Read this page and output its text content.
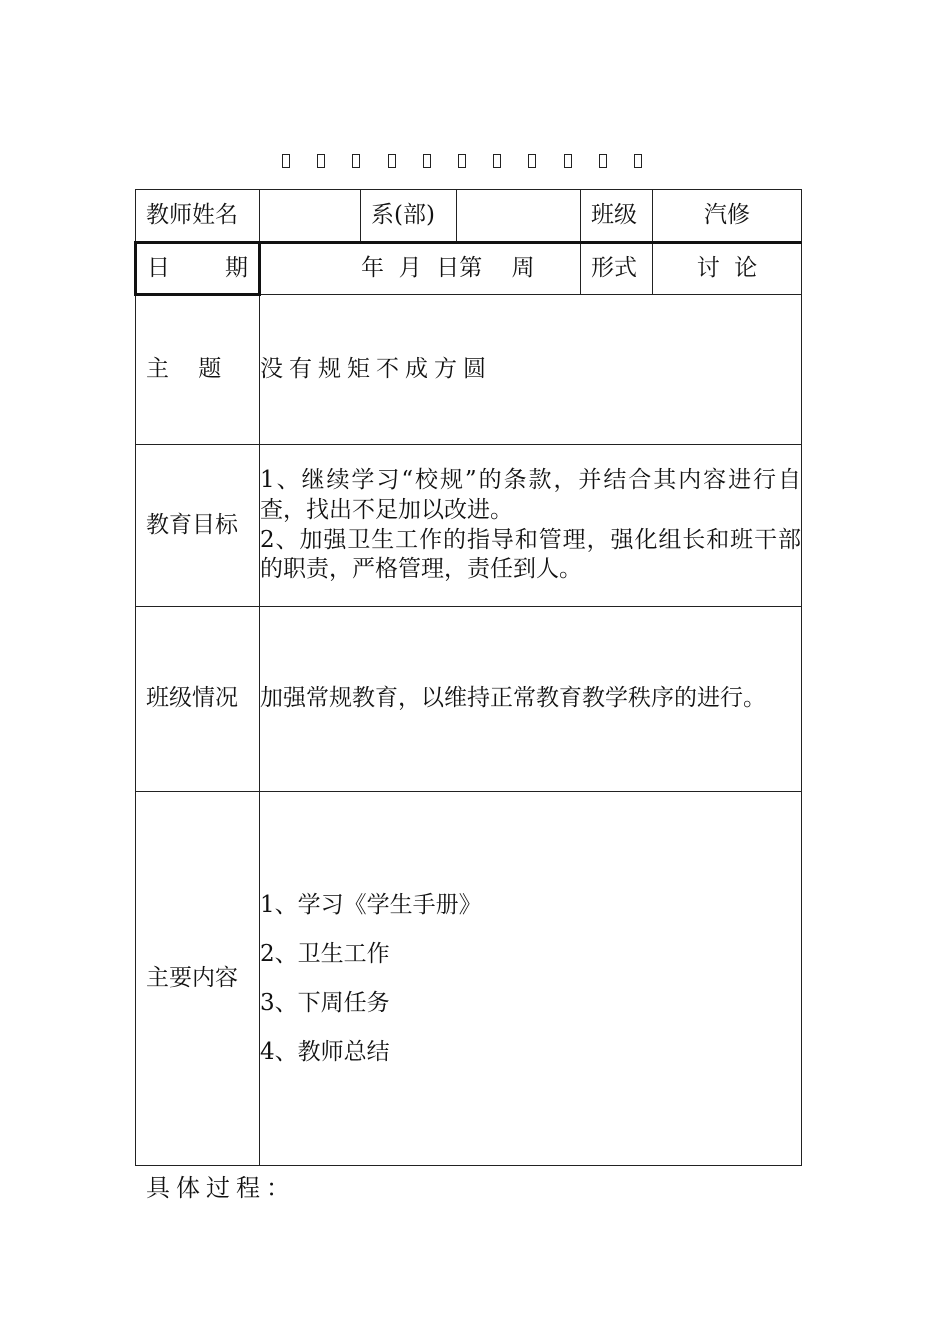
教师姓名		系(部)		班级	汽修

日 期	年  月  日第    周			形式	讨  论
主    题	没有规矩不成方圆				
教育目标	1、继续学习“校规”的条款，并结合其内容进行自查，找出不足加以改进。
2、加强卫生工作的指导和管理，强化组长和班干部的职责，严格管理，责任到人。				

班级情况	加强常规教育，以维持正常教育教学秩序的进行。				
主要内容	1、学习《学生手册》
2、卫生工作
3、下周任务
4、教师总结				
具体过程：
